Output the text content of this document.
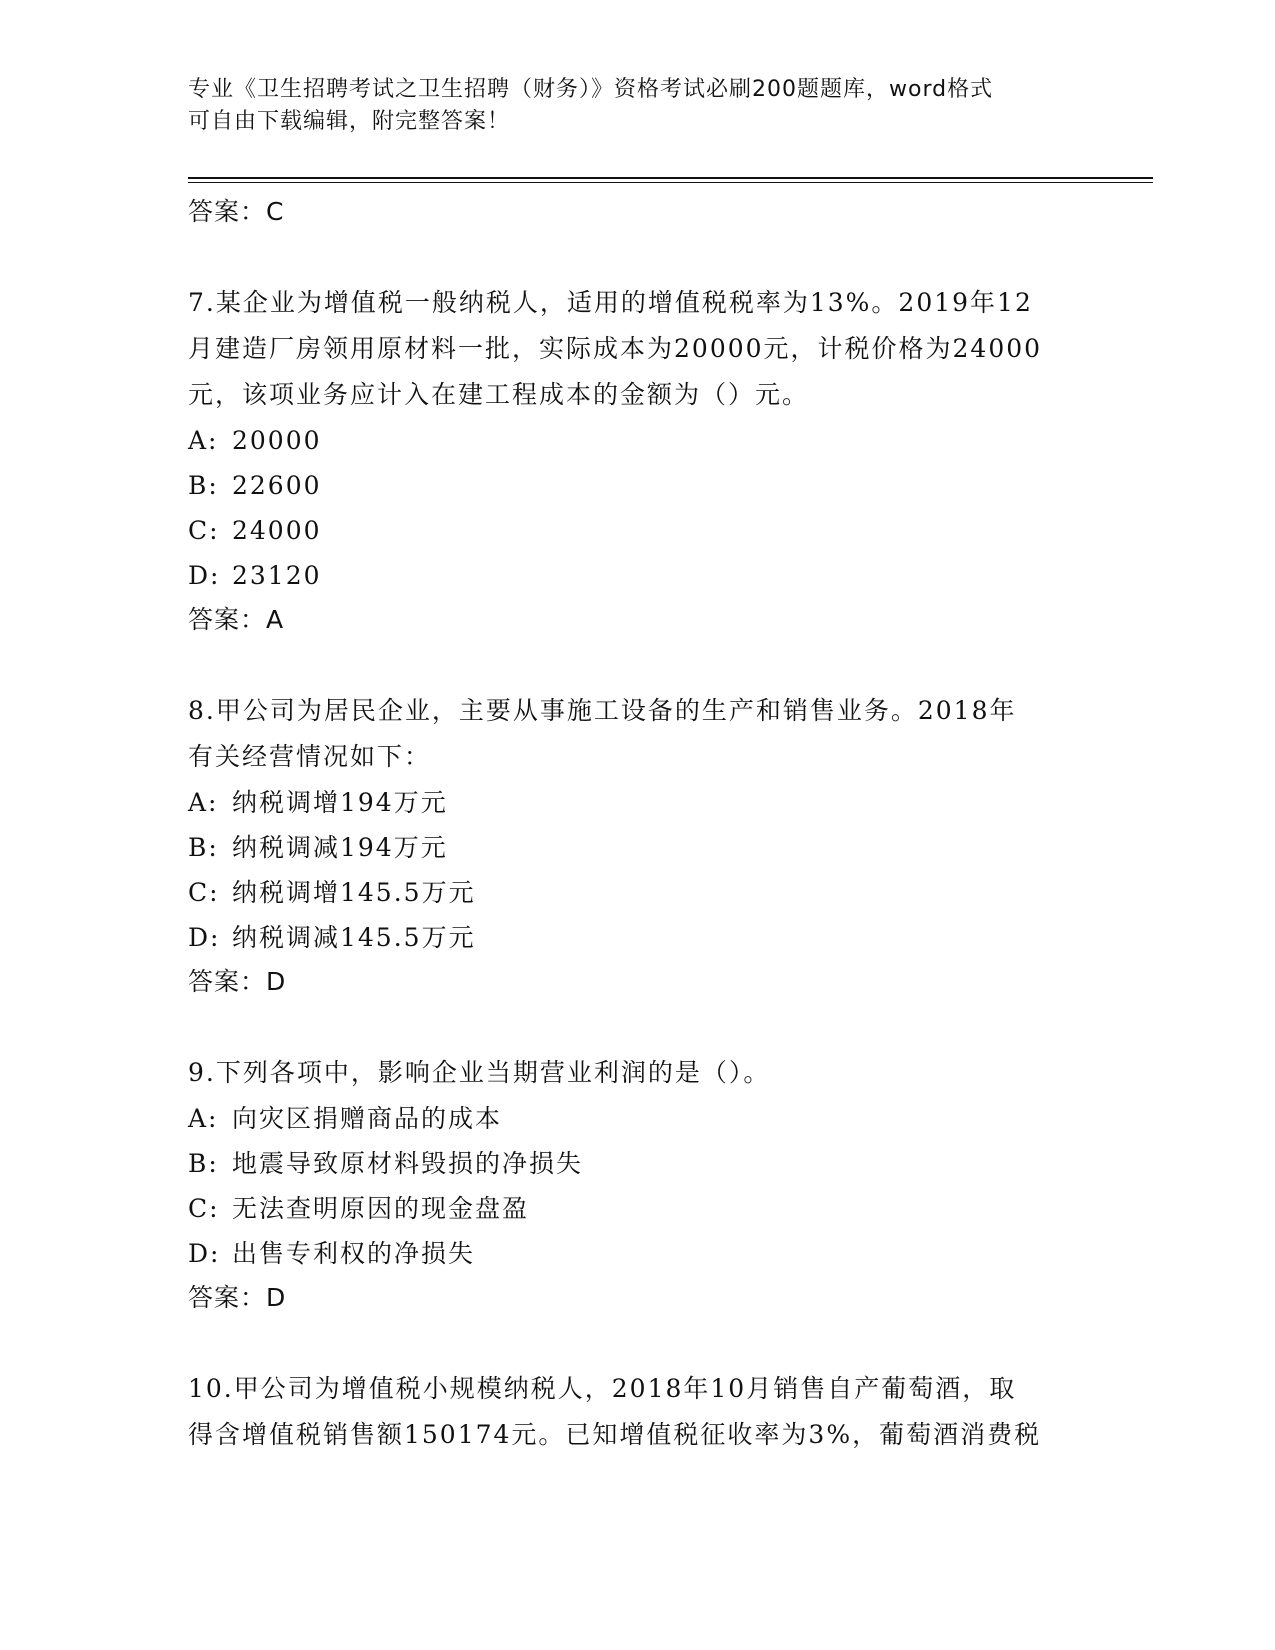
专业《卫生招聘考试之卫生招聘（财务）》资格考试必刷200题题库，word格式
可自由下载编辑，附完整答案！
答案：C
7.某企业为增值税一般纳税人，适用的增值税税率为13%。2019年12
月建造厂房领用原材料一批，实际成本为20000元，计税价格为24000
元，该项业务应计入在建工程成本的金额为（）元。
A: 20000
B: 22600
C: 24000
D: 23120
答案：A
8.甲公司为居民企业，主要从事施工设备的生产和销售业务。2018年
有关经营情况如下：
A: 纳税调增194万元
B: 纳税调减194万元
C: 纳税调增145.5万元
D: 纳税调减145.5万元
答案：D
9.下列各项中，影响企业当期营业利润的是（）。
A: 向灾区捐赠商品的成本
B: 地震导致原材料毁损的净损失
C: 无法查明原因的现金盘盈
D: 出售专利权的净损失
答案：D
10.甲公司为增值税小规模纳税人，2018年10月销售自产葡萄酒，取
得含增值税销售额150174元。已知增值税征收率为3%，葡萄酒消费税
